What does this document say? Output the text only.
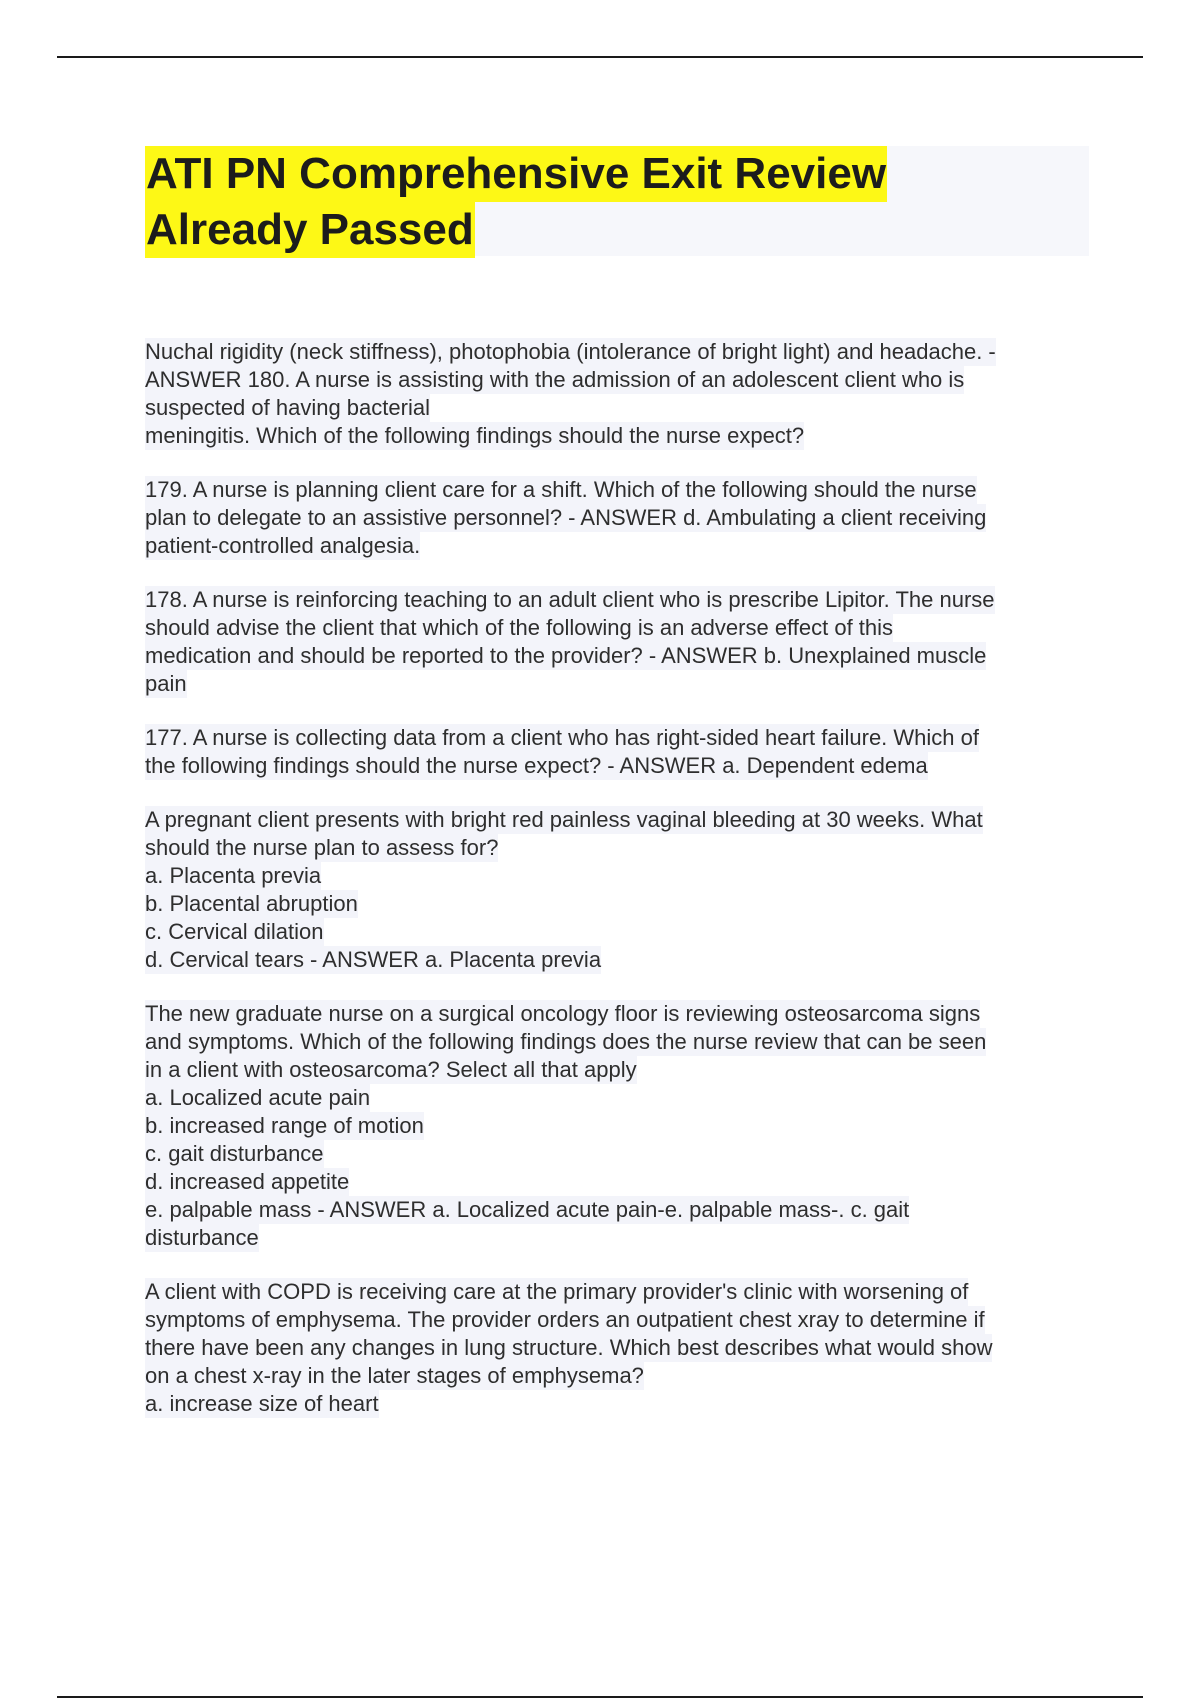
ATI PN Comprehensive Exit Review
Already Passed
Nuchal rigidity (neck stiffness), photophobia (intolerance of bright light) and headache. -
ANSWER 180. A nurse is assisting with the admission of an adolescent client who is
suspected of having bacterial
meningitis. Which of the following findings should the nurse expect?
179. A nurse is planning client care for a shift. Which of the following should the nurse
plan to delegate to an assistive personnel? - ANSWER d. Ambulating a client receiving
patient-controlled analgesia.
178. A nurse is reinforcing teaching to an adult client who is prescribe Lipitor. The nurse
should advise the client that which of the following is an adverse effect of this
medication and should be reported to the provider? - ANSWER b. Unexplained muscle
pain
177. A nurse is collecting data from a client who has right-sided heart failure. Which of
the following findings should the nurse expect? - ANSWER a. Dependent edema
A pregnant client presents with bright red painless vaginal bleeding at 30 weeks. What
should the nurse plan to assess for?
a. Placenta previa
b. Placental abruption
c. Cervical dilation
d. Cervical tears - ANSWER a. Placenta previa
The new graduate nurse on a surgical oncology floor is reviewing osteosarcoma signs
and symptoms. Which of the following findings does the nurse review that can be seen
in a client with osteosarcoma? Select all that apply
a. Localized acute pain
b. increased range of motion
c. gait disturbance
d. increased appetite
e. palpable mass - ANSWER a. Localized acute pain-e. palpable mass-. c. gait
disturbance
A client with COPD is receiving care at the primary provider's clinic with worsening of
symptoms of emphysema. The provider orders an outpatient chest xray to determine if
there have been any changes in lung structure. Which best describes what would show
on a chest x-ray in the later stages of emphysema?
a. increase size of heart
